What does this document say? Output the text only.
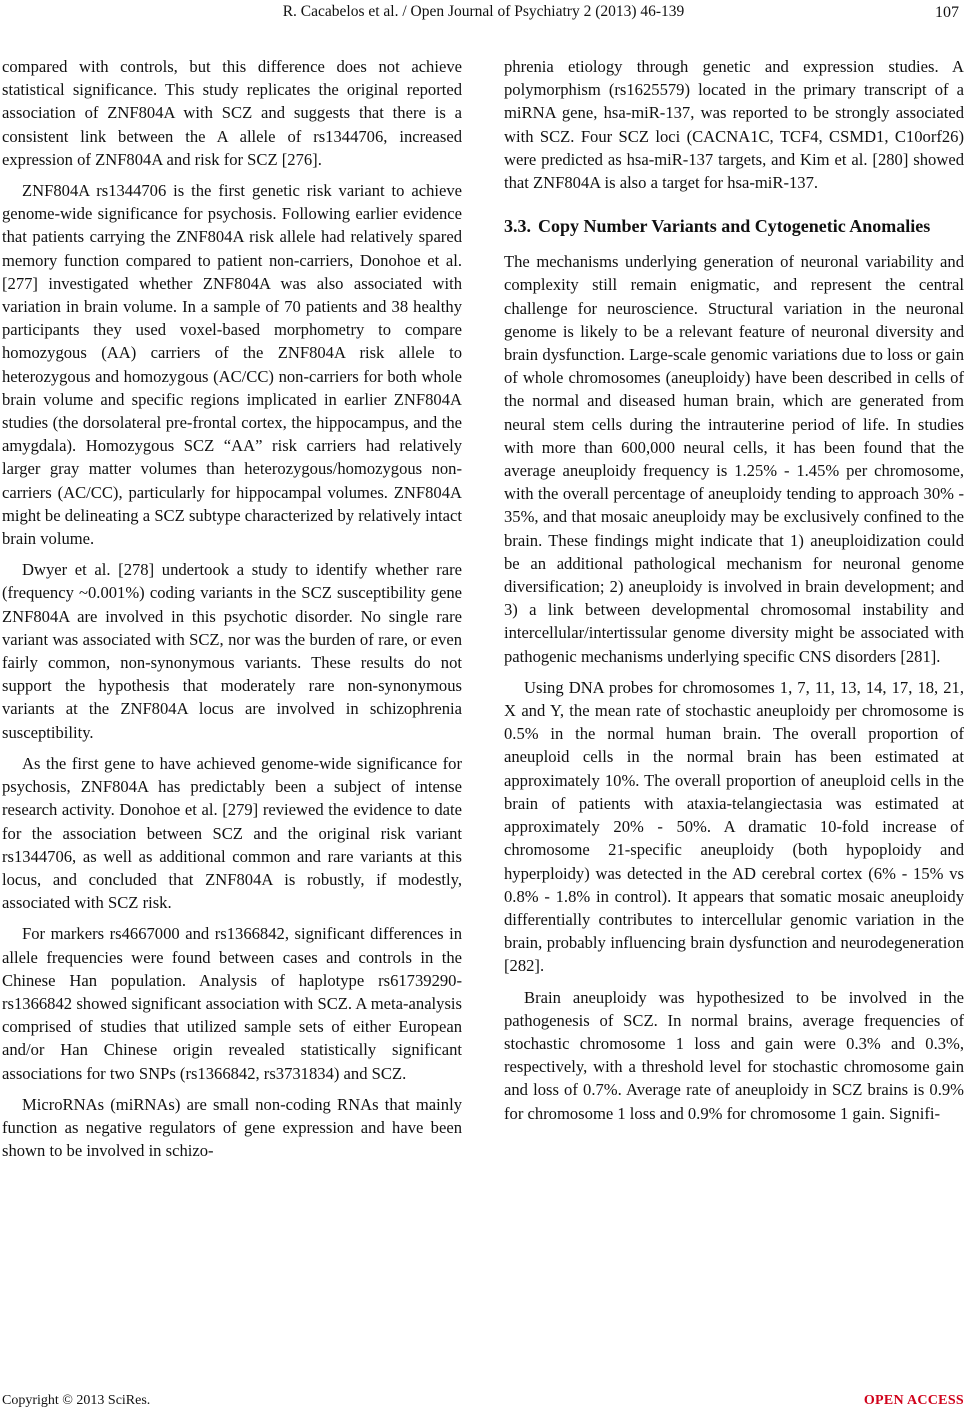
R. Cacabelos et al. / Open Journal of Psychiatry 2 (2013) 46-139	107

compared with controls, but this difference does not achieve statistical significance. This study replicates the original reported association of ZNF804A with SCZ and suggests that there is a consistent link between the A allele of rs1344706, increased expression of ZNF804A and risk for SCZ [276].

ZNF804A rs1344706 is the first genetic risk variant to achieve genome-wide significance for psychosis. Following earlier evidence that patients carrying the ZNF804A risk allele had relatively spared memory function compared to patient non-carriers, Donohoe et al. [277] investigated whether ZNF804A was also associated with variation in brain volume. In a sample of 70 patients and 38 healthy participants they used voxel-based morphometry to compare homozygous (AA) carriers of the ZNF804A risk allele to heterozygous and homozygous (AC/CC) non-carriers for both whole brain volume and specific regions implicated in earlier ZNF804A studies (the dorsolateral pre-frontal cortex, the hippocampus, and the amygdala). Homozygous SCZ “AA” risk carriers had relatively larger gray matter volumes than heterozygous/homozygous non-carriers (AC/CC), particularly for hippocampal volumes. ZNF804A might be delineating a SCZ subtype characterized by relatively intact brain volume.

Dwyer et al. [278] undertook a study to identify whether rare (frequency ~0.001%) coding variants in the SCZ susceptibility gene ZNF804A are involved in this psychotic disorder. No single rare variant was associated with SCZ, nor was the burden of rare, or even fairly common, non-synonymous variants. These results do not support the hypothesis that moderately rare non-synonymous variants at the ZNF804A locus are involved in schizophrenia susceptibility.

As the first gene to have achieved genome-wide significance for psychosis, ZNF804A has predictably been a subject of intense research activity. Donohoe et al. [279] reviewed the evidence to date for the association between SCZ and the original risk variant rs1344706, as well as additional common and rare variants at this locus, and concluded that ZNF804A is robustly, if modestly, associated with SCZ risk.

For markers rs4667000 and rs1366842, significant differences in allele frequencies were found between cases and controls in the Chinese Han population. Analysis of haplotype rs61739290-rs1366842 showed significant association with SCZ. A meta-analysis comprised of studies that utilized sample sets of either European and/or Han Chinese origin revealed statistically significant associations for two SNPs (rs1366842, rs3731834) and SCZ.

MicroRNAs (miRNAs) are small non-coding RNAs that mainly function as negative regulators of gene expression and have been shown to be involved in schizo-

phrenia etiology through genetic and expression studies. A polymorphism (rs1625579) located in the primary transcript of a miRNA gene, hsa-miR-137, was reported to be strongly associated with SCZ. Four SCZ loci (CACNA1C, TCF4, CSMD1, C10orf26) were predicted as hsa-miR-137 targets, and Kim et al. [280] showed that ZNF804A is also a target for hsa-miR-137.

3.3. Copy Number Variants and Cytogenetic Anomalies

The mechanisms underlying generation of neuronal variability and complexity still remain enigmatic, and represent the central challenge for neuroscience. Structural variation in the neuronal genome is likely to be a relevant feature of neuronal diversity and brain dysfunction. Large-scale genomic variations due to loss or gain of whole chromosomes (aneuploidy) have been described in cells of the normal and diseased human brain, which are generated from neural stem cells during the intrauterine period of life. In studies with more than 600,000 neural cells, it has been found that the average aneuploidy frequency is 1.25% - 1.45% per chromosome, with the overall percentage of aneuploidy tending to approach 30% - 35%, and that mosaic aneuploidy may be exclusively confined to the brain. These findings might indicate that 1) aneuploidization could be an additional pathological mechanism for neuronal genome diversification; 2) aneuploidy is involved in brain development; and 3) a link between developmental chromosomal instability and intercellular/intertissular genome diversity might be associated with pathogenic mechanisms underlying specific CNS disorders [281].

Using DNA probes for chromosomes 1, 7, 11, 13, 14, 17, 18, 21, X and Y, the mean rate of stochastic aneuploidy per chromosome is 0.5% in the normal human brain. The overall proportion of aneuploid cells in the normal brain has been estimated at approximately 10%. The overall proportion of aneuploid cells in the brain of patients with ataxia-telangiectasia was estimated at approximately 20% - 50%. A dramatic 10-fold increase of chromosome 21-specific aneuploidy (both hypoploidy and hyperploidy) was detected in the AD cerebral cortex (6% - 15% vs 0.8% - 1.8% in control). It appears that somatic mosaic aneuploidy differentially contributes to intercellular genomic variation in the brain, probably influencing brain dysfunction and neurodegeneration [282].

Brain aneuploidy was hypothesized to be involved in the pathogenesis of SCZ. In normal brains, average frequencies of stochastic chromosome 1 loss and gain were 0.3% and 0.3%, respectively, with a threshold level for stochastic chromosome gain and loss of 0.7%. Average rate of aneuploidy in SCZ brains is 0.9% for chromosome 1 loss and 0.9% for chromosome 1 gain. Signifi-

Copyright © 2013 SciRes.	OPEN ACCESS
